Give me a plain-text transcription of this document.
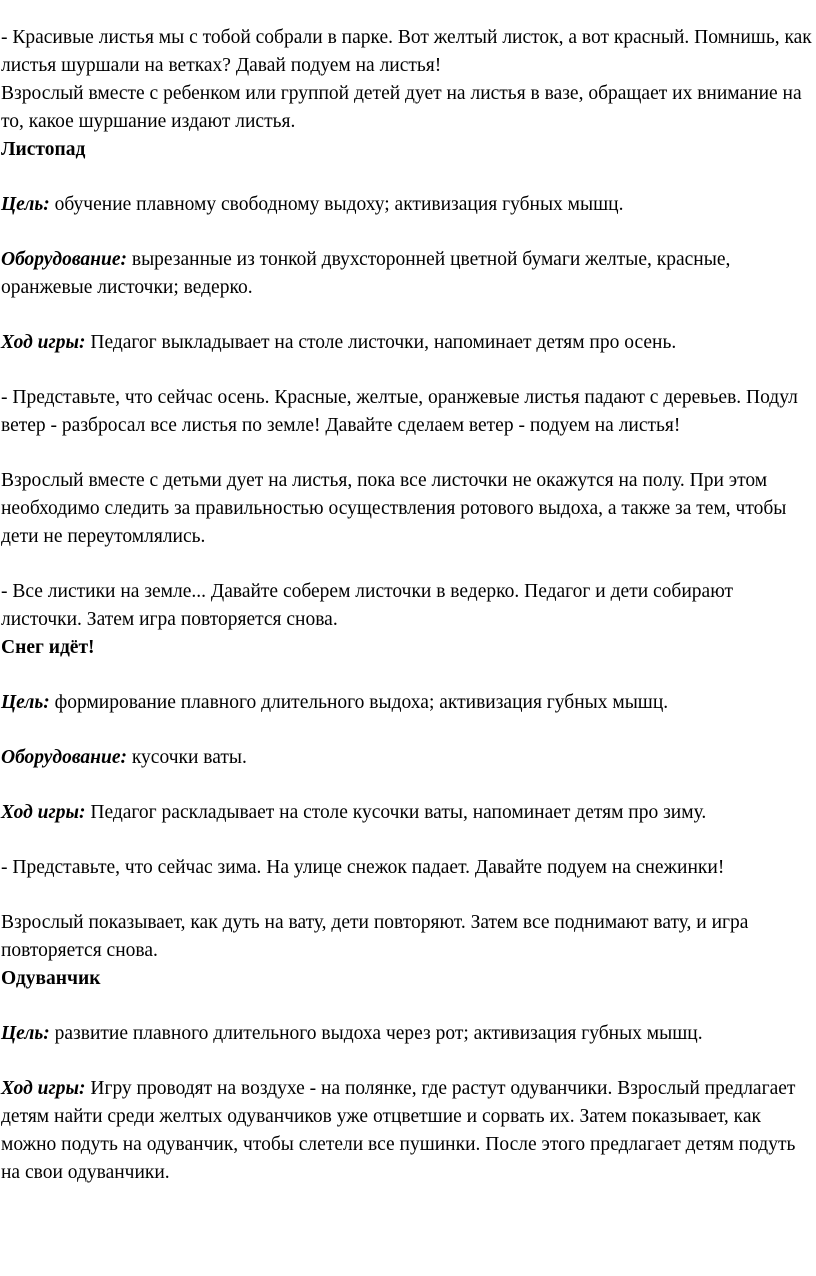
- Красивые листья мы с тобой собрали в парке. Вот желтый листок, а вот красный. Помнишь, как листья шуршали на ветках? Давай подуем на листья!

Взрослый вместе с ребенком или группой детей дует на листья в вазе, обращает их внимание на то, какое шуршание издают листья.

Листопад

Цель: обучение плавному свободному выдоху; активизация губных мышц.

Оборудование: вырезанные из тонкой двухсторонней цветной бумаги желтые, красные, оранжевые листочки; ведерко.

Ход игры: Педагог выкладывает на столе листочки, напоминает детям про осень.

- Представьте, что сейчас осень. Красные, желтые, оранжевые листья падают с деревьев. Подул ветер - разбросал все листья по земле! Давайте сделаем ветер - подуем на листья!

Взрослый вместе с детьми дует на листья, пока все листочки не окажутся на полу. При этом необходимо следить за правильностью осуществления ротового выдоха, а также за тем, чтобы дети не переутомлялись.

- Все листики на земле... Давайте соберем листочки в ведерко. Педагог и дети собирают листочки. Затем игра повторяется снова.

Снег идёт!

Цель: формирование плавного длительного выдоха; активизация губных мышц.

Оборудование: кусочки ваты.

Ход игры: Педагог раскладывает на столе кусочки ваты, напоминает детям про зиму.

- Представьте, что сейчас зима. На улице снежок падает. Давайте подуем на снежинки!

Взрослый показывает, как дуть на вату, дети повторяют. Затем все поднимают вату, и игра повторяется снова.

Одуванчик

Цель: развитие плавного длительного выдоха через рот; активизация губных мышц.

Ход игры: Игру проводят на воздухе - на полянке, где растут одуванчики. Взрослый предлагает детям найти среди желтых одуванчиков уже отцветшие и сорвать их. Затем показывает, как можно подуть на одуванчик, чтобы слетели все пушинки. После этого предлагает детям подуть на свои одуванчики.
